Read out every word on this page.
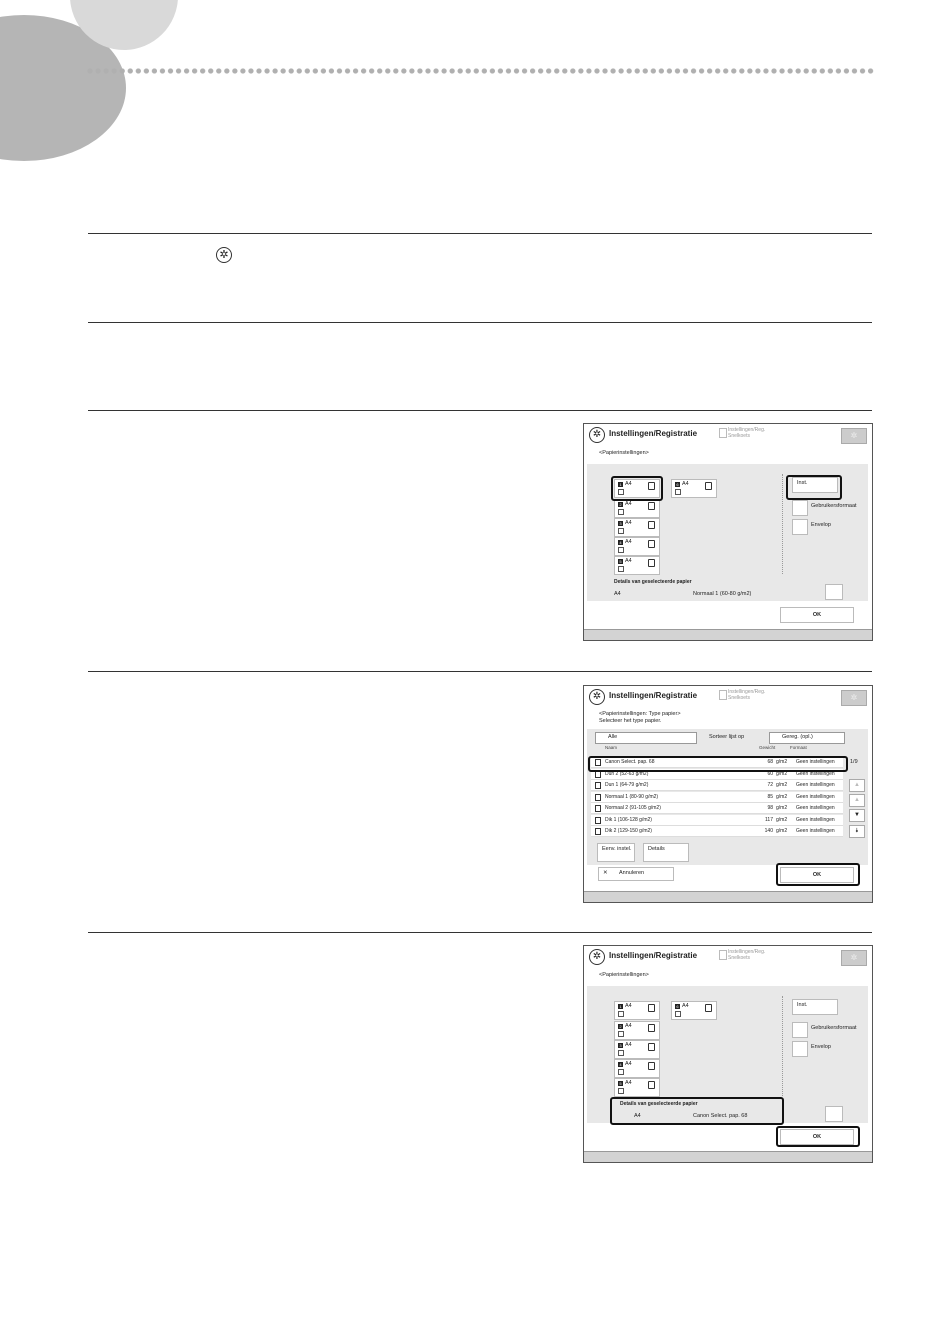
✲
✲ Instellingen/Registratie	Instellingen/Reg.
Snelkoets	✲
<Papierinstellingen>
1 A4
2 A4
3 A4
4 A4
5 A4
6 A4	Inst.
Gebruikersformaat
Envelop
Details van geselecteerde papier
A4	Normaal 1 (60-80 g/m2)
OK
✲ Instellingen/Registratie	Instellingen/Reg.
Snelkoets	✲
<Papierinstellingen: Type papier>
Selecteer het type papier.
Alle	Sorteer lijst op	Gereg. (opl.)
Naam	Gewicht	Formaat
Canon Select. pap. 68	68 g/m2 Geen instellingen
Dun 2 (52-63 g/m2)	60 g/m2 Geen instellingen
Dun 1 (64-79 g/m2)	72 g/m2 Geen instellingen
Normaal 1 (80-90 g/m2)	85 g/m2 Geen instellingen
Normaal 2 (91-105 g/m2)	98 g/m2 Geen instellingen
Dik 1 (106-128 g/m2)	117 g/m2 Geen instellingen
Dik 2 (129-150 g/m2)	140 g/m2 Geen instellingen
1/9
▲
▲
▼
⯯
Eenv. instel.	Details
✕ Annuleren	OK
✲ Instellingen/Registratie	Instellingen/Reg.
Snelkoets	✲
<Papierinstellingen>
1 A4
2 A4
3 A4
4 A4
5 A4
6 A4	Inst.
Gebruikersformaat
Envelop
Details van geselecteerde papier
A4	Canon Select. pap. 68
OK
